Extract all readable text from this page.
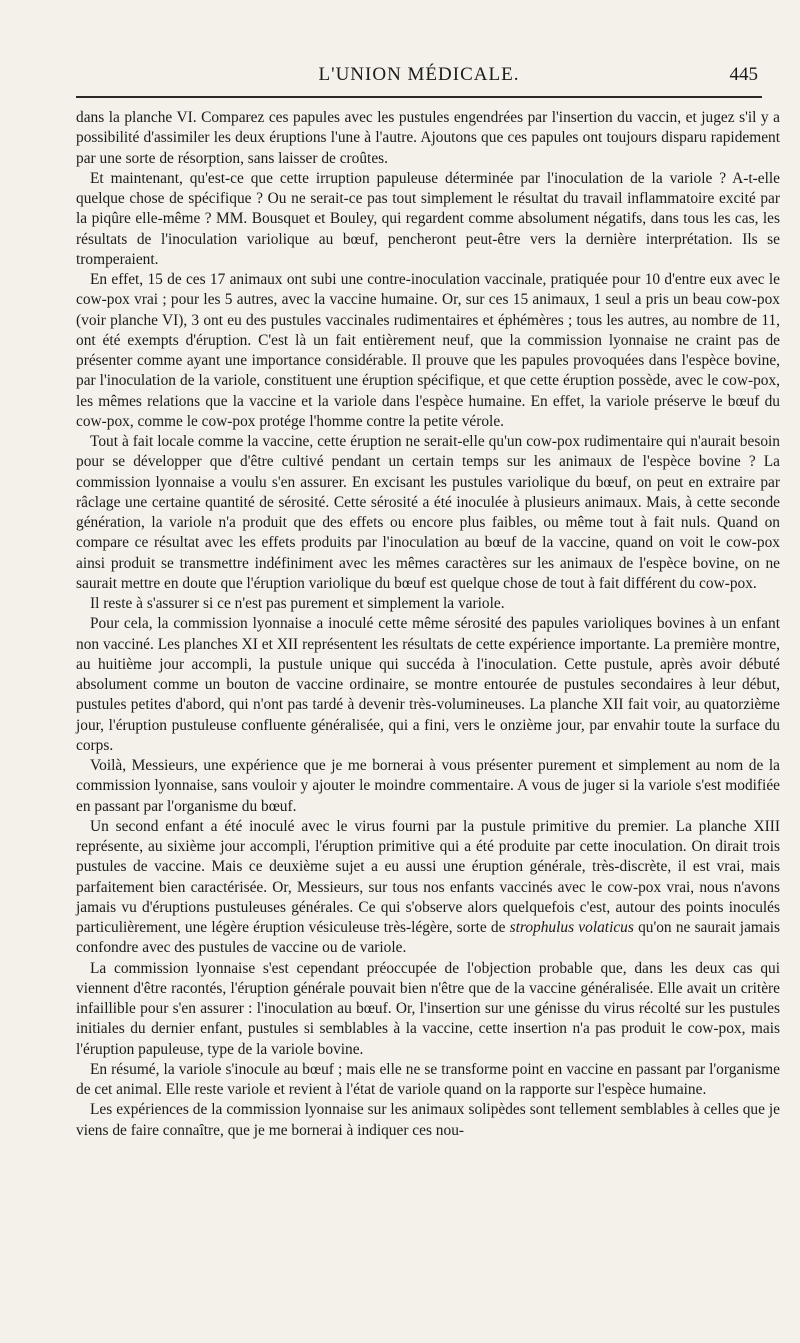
L'UNION MÉDICALE.	445

dans la planche VI. Comparez ces papules avec les pustules engendrées par l'insertion du vaccin, et jugez s'il y a possibilité d'assimiler les deux éruptions l'une à l'autre. Ajoutons que ces papules ont toujours disparu rapidement par une sorte de résorption, sans laisser de croûtes.

Et maintenant, qu'est-ce que cette irruption papuleuse déterminée par l'inoculation de la variole ? A-t-elle quelque chose de spécifique ? Ou ne serait-ce pas tout simplement le résultat du travail inflammatoire excité par la piqûre elle-même ? MM. Bousquet et Bouley, qui regardent comme absolument négatifs, dans tous les cas, les résultats de l'inoculation variolique au bœuf, pencheront peut-être vers la dernière interprétation. Ils se tromperaient.

En effet, 15 de ces 17 animaux ont subi une contre-inoculation vaccinale, pratiquée pour 10 d'entre eux avec le cow-pox vrai ; pour les 5 autres, avec la vaccine humaine. Or, sur ces 15 animaux, 1 seul a pris un beau cow-pox (voir planche VI), 3 ont eu des pustules vaccinales rudimentaires et éphémères ; tous les autres, au nombre de 11, ont été exempts d'éruption. C'est là un fait entièrement neuf, que la commission lyonnaise ne craint pas de présenter comme ayant une importance considérable. Il prouve que les papules provoquées dans l'espèce bovine, par l'inoculation de la variole, constituent une éruption spécifique, et que cette éruption possède, avec le cow-pox, les mêmes relations que la vaccine et la variole dans l'espèce humaine. En effet, la variole préserve le bœuf du cow-pox, comme le cow-pox protége l'homme contre la petite vérole.

Tout à fait locale comme la vaccine, cette éruption ne serait-elle qu'un cow-pox rudimentaire qui n'aurait besoin pour se développer que d'être cultivé pendant un certain temps sur les animaux de l'espèce bovine ? La commission lyonnaise a voulu s'en assurer. En excisant les pustules variolique du bœuf, on peut en extraire par râclage une certaine quantité de sérosité. Cette sérosité a été inoculée à plusieurs animaux. Mais, à cette seconde génération, la variole n'a produit que des effets ou encore plus faibles, ou même tout à fait nuls. Quand on compare ce résultat avec les effets produits par l'inoculation au bœuf de la vaccine, quand on voit le cow-pox ainsi produit se transmettre indéfiniment avec les mêmes caractères sur les animaux de l'espèce bovine, on ne saurait mettre en doute que l'éruption variolique du bœuf est quelque chose de tout à fait différent du cow-pox.

Il reste à s'assurer si ce n'est pas purement et simplement la variole.

Pour cela, la commission lyonnaise a inoculé cette même sérosité des papules varioliques bovines à un enfant non vacciné. Les planches XI et XII représentent les résultats de cette expérience importante. La première montre, au huitième jour accompli, la pustule unique qui succéda à l'inoculation. Cette pustule, après avoir débuté absolument comme un bouton de vaccine ordinaire, se montre entourée de pustules secondaires à leur début, pustules petites d'abord, qui n'ont pas tardé à devenir très-volumineuses. La planche XII fait voir, au quatorzième jour, l'éruption pustuleuse confluente généralisée, qui a fini, vers le onzième jour, par envahir toute la surface du corps.

Voilà, Messieurs, une expérience que je me bornerai à vous présenter purement et simplement au nom de la commission lyonnaise, sans vouloir y ajouter le moindre commentaire. A vous de juger si la variole s'est modifiée en passant par l'organisme du bœuf.

Un second enfant a été inoculé avec le virus fourni par la pustule primitive du premier. La planche XIII représente, au sixième jour accompli, l'éruption primitive qui a été produite par cette inoculation. On dirait trois pustules de vaccine. Mais ce deuxième sujet a eu aussi une éruption générale, très-discrète, il est vrai, mais parfaitement bien caractérisée. Or, Messieurs, sur tous nos enfants vaccinés avec le cow-pox vrai, nous n'avons jamais vu d'éruptions pustuleuses générales. Ce qui s'observe alors quelquefois c'est, autour des points inoculés particulièrement, une légère éruption vésiculeuse très-légère, sorte de strophulus volaticus qu'on ne saurait jamais confondre avec des pustules de vaccine ou de variole.

La commission lyonnaise s'est cependant préoccupée de l'objection probable que, dans les deux cas qui viennent d'être racontés, l'éruption générale pouvait bien n'être que de la vaccine généralisée. Elle avait un critère infaillible pour s'en assurer : l'inoculation au bœuf. Or, l'insertion sur une génisse du virus récolté sur les pustules initiales du dernier enfant, pustules si semblables à la vaccine, cette insertion n'a pas produit le cow-pox, mais l'éruption papuleuse, type de la variole bovine.

En résumé, la variole s'inocule au bœuf ; mais elle ne se transforme point en vaccine en passant par l'organisme de cet animal. Elle reste variole et revient à l'état de variole quand on la rapporte sur l'espèce humaine.

Les expériences de la commission lyonnaise sur les animaux solipèdes sont tellement semblables à celles que je viens de faire connaître, que je me bornerai à indiquer ces nou-
